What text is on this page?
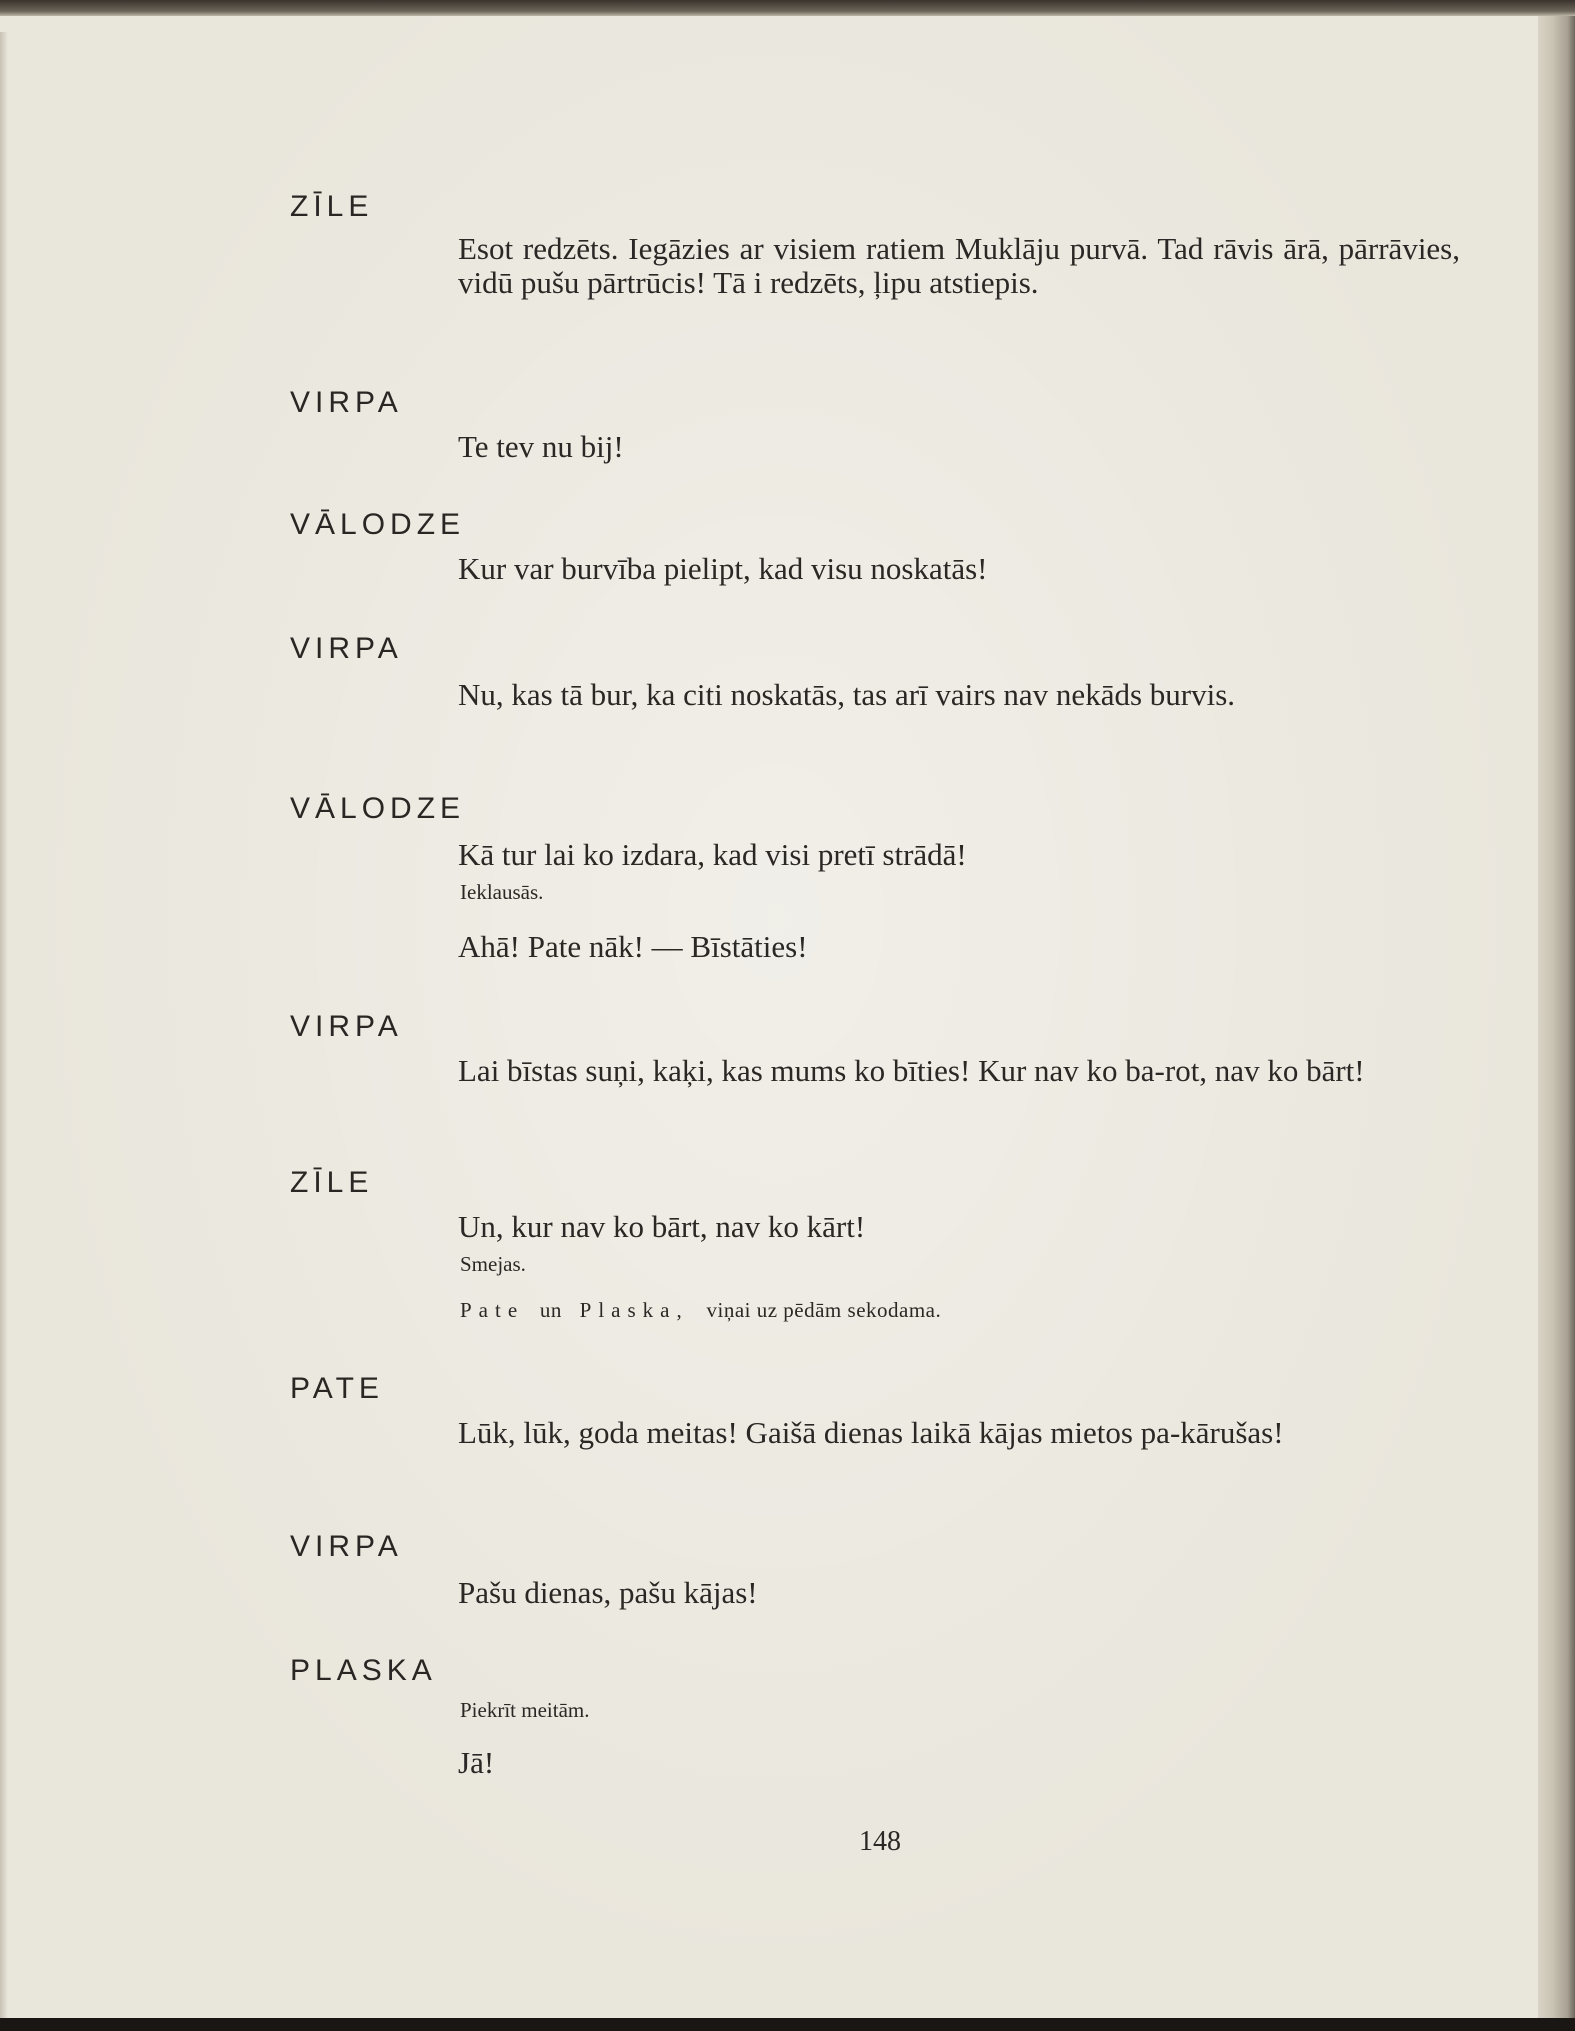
ZĪLE
Esot redzēts. Iegāzies ar visiem ratiem Muklāju purvā. Tad rāvis ārā, pārrāvies, vidū pušu pārtrūcis! Tā i redzēts, ļipu atstiepis.
VIRPA
Te tev nu bij!
VĀLODZE
Kur var burvība pielipt, kad visu noskatās!
VIRPA
Nu, kas tā bur, ka citi noskatās, tas arī vairs nav nekāds burvis.
VĀLODZE
Kā tur lai ko izdara, kad visi pretī strādā!
Ieklausās.
Ahā! Pate nāk! — Bīstāties!
VIRPA
Lai bīstas suņi, kaķi, kas mums ko bīties! Kur nav ko ba-rot, nav ko bārt!
ZĪLE
Un, kur nav ko bārt, nav ko kārt!
Smejas.
Pate un Plaska, viņai uz pēdām sekodama.
PATE
Lūk, lūk, goda meitas! Gaišā dienas laikā kājas mietos pa-kārušas!
VIRPA
Pašu dienas, pašu kājas!
PLASKA
Piekrīt meitām.
Jā!
148
